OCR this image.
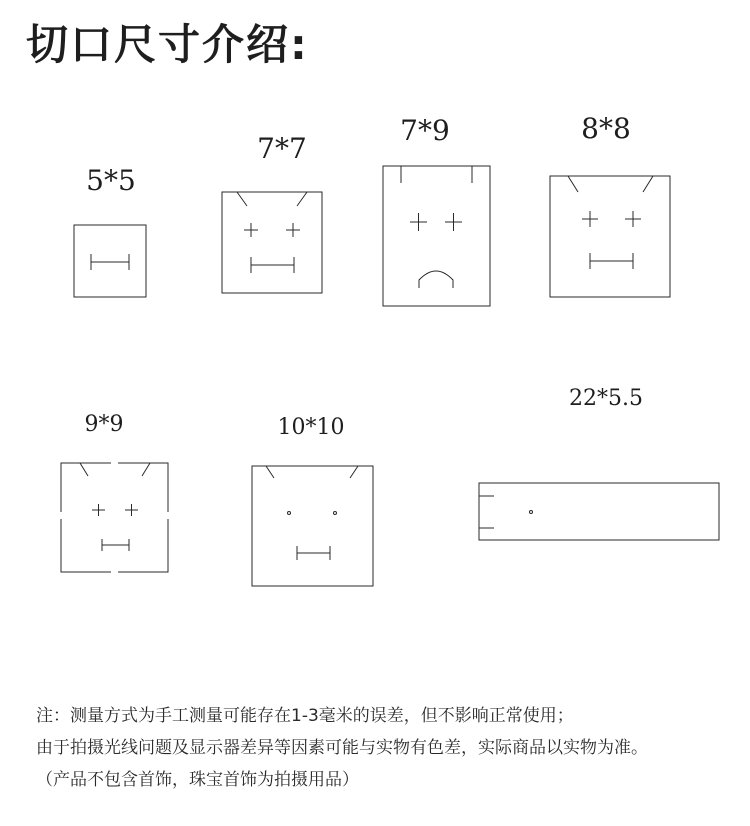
切口尺寸介绍:
5*5
7*7
7*9	8*8
9*9	10*10
22*5.5

注：测量方式为手工测量可能存在1-3毫米的误差，但不影响正常使用；

由于拍摄光线问题及显示器差异等因素可能与实物有色差，实际商品以实物为准。

（产品不包含首饰，珠宝首饰为拍摄用品）
